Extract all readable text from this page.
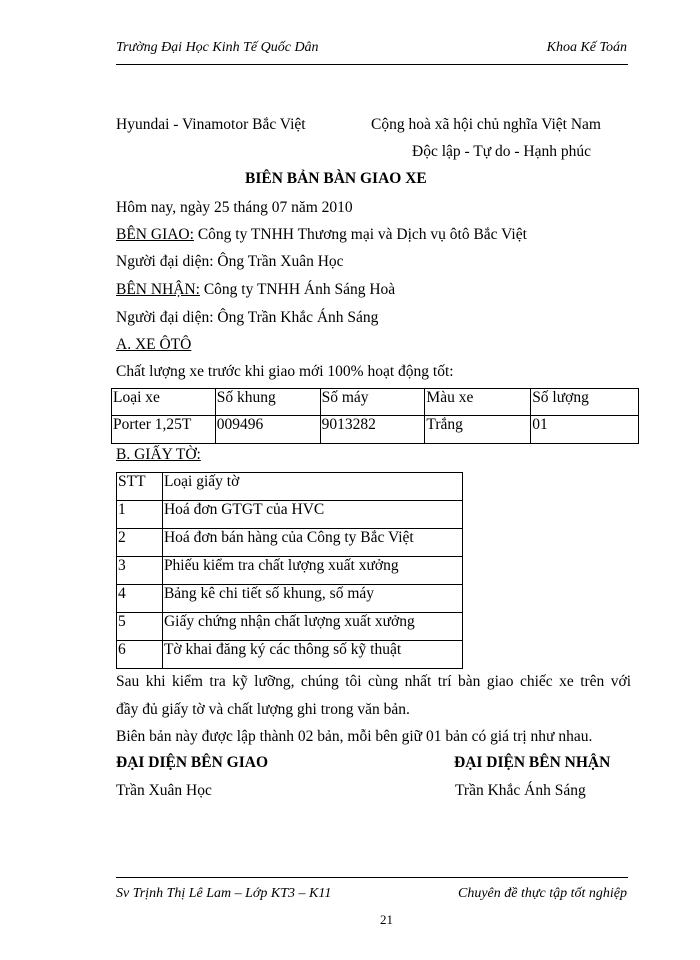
Trường Đại Học Kinh Tế Quốc Dân	Khoa Kế Toán
Hyundai - Vinamotor Bắc Việt	Cộng hoà xã hội chủ nghĩa Việt Nam
Độc lập - Tự do - Hạnh phúc
BIÊN BẢN BÀN GIAO XE
Hôm nay, ngày 25 tháng 07 năm 2010
BÊN GIAO: Công ty TNHH Thương mại và Dịch vụ ôtô Bắc Việt
Người đại diện: Ông Trần Xuân Học
BÊN NHẬN: Công ty TNHH Ánh Sáng Hoà
Người đại diện: Ông Trần Khắc Ánh Sáng
A. XE ÔTÔ
Chất lượng xe trước khi giao mới 100% hoạt động tốt:
Loại xe	Số khung	Số máy	Màu xe	Số lượng
Porter 1,25T	009496	9013282	Trắng	01
B. GIẤY TỜ:
STT	Loại giấy tờ
1	Hoá đơn GTGT của HVC
2	Hoá đơn bán hàng của Công ty Bắc Việt
3	Phiếu kiểm tra chất lượng xuất xưởng
4	Bảng kê chi tiết số khung, số máy
5	Giấy chứng nhận chất lượng xuất xưởng
6	Tờ khai đăng ký các thông số kỹ thuật
Sau khi kiểm tra kỹ lưỡng, chúng tôi cùng nhất trí bàn giao chiếc xe trên với
đầy đủ giấy tờ và chất lượng ghi trong văn bản.
Biên bản này được lập thành 02 bản, mỗi bên giữ 01 bản có giá trị như nhau.
ĐẠI DIỆN BÊN GIAO
Trần Xuân Học
ĐẠI DIỆN BÊN NHẬN
Trần Khắc Ánh Sáng
Sv Trịnh Thị Lê Lam – Lớp KT3 – K11	Chuyên đề thực tập tốt nghiệp
21
